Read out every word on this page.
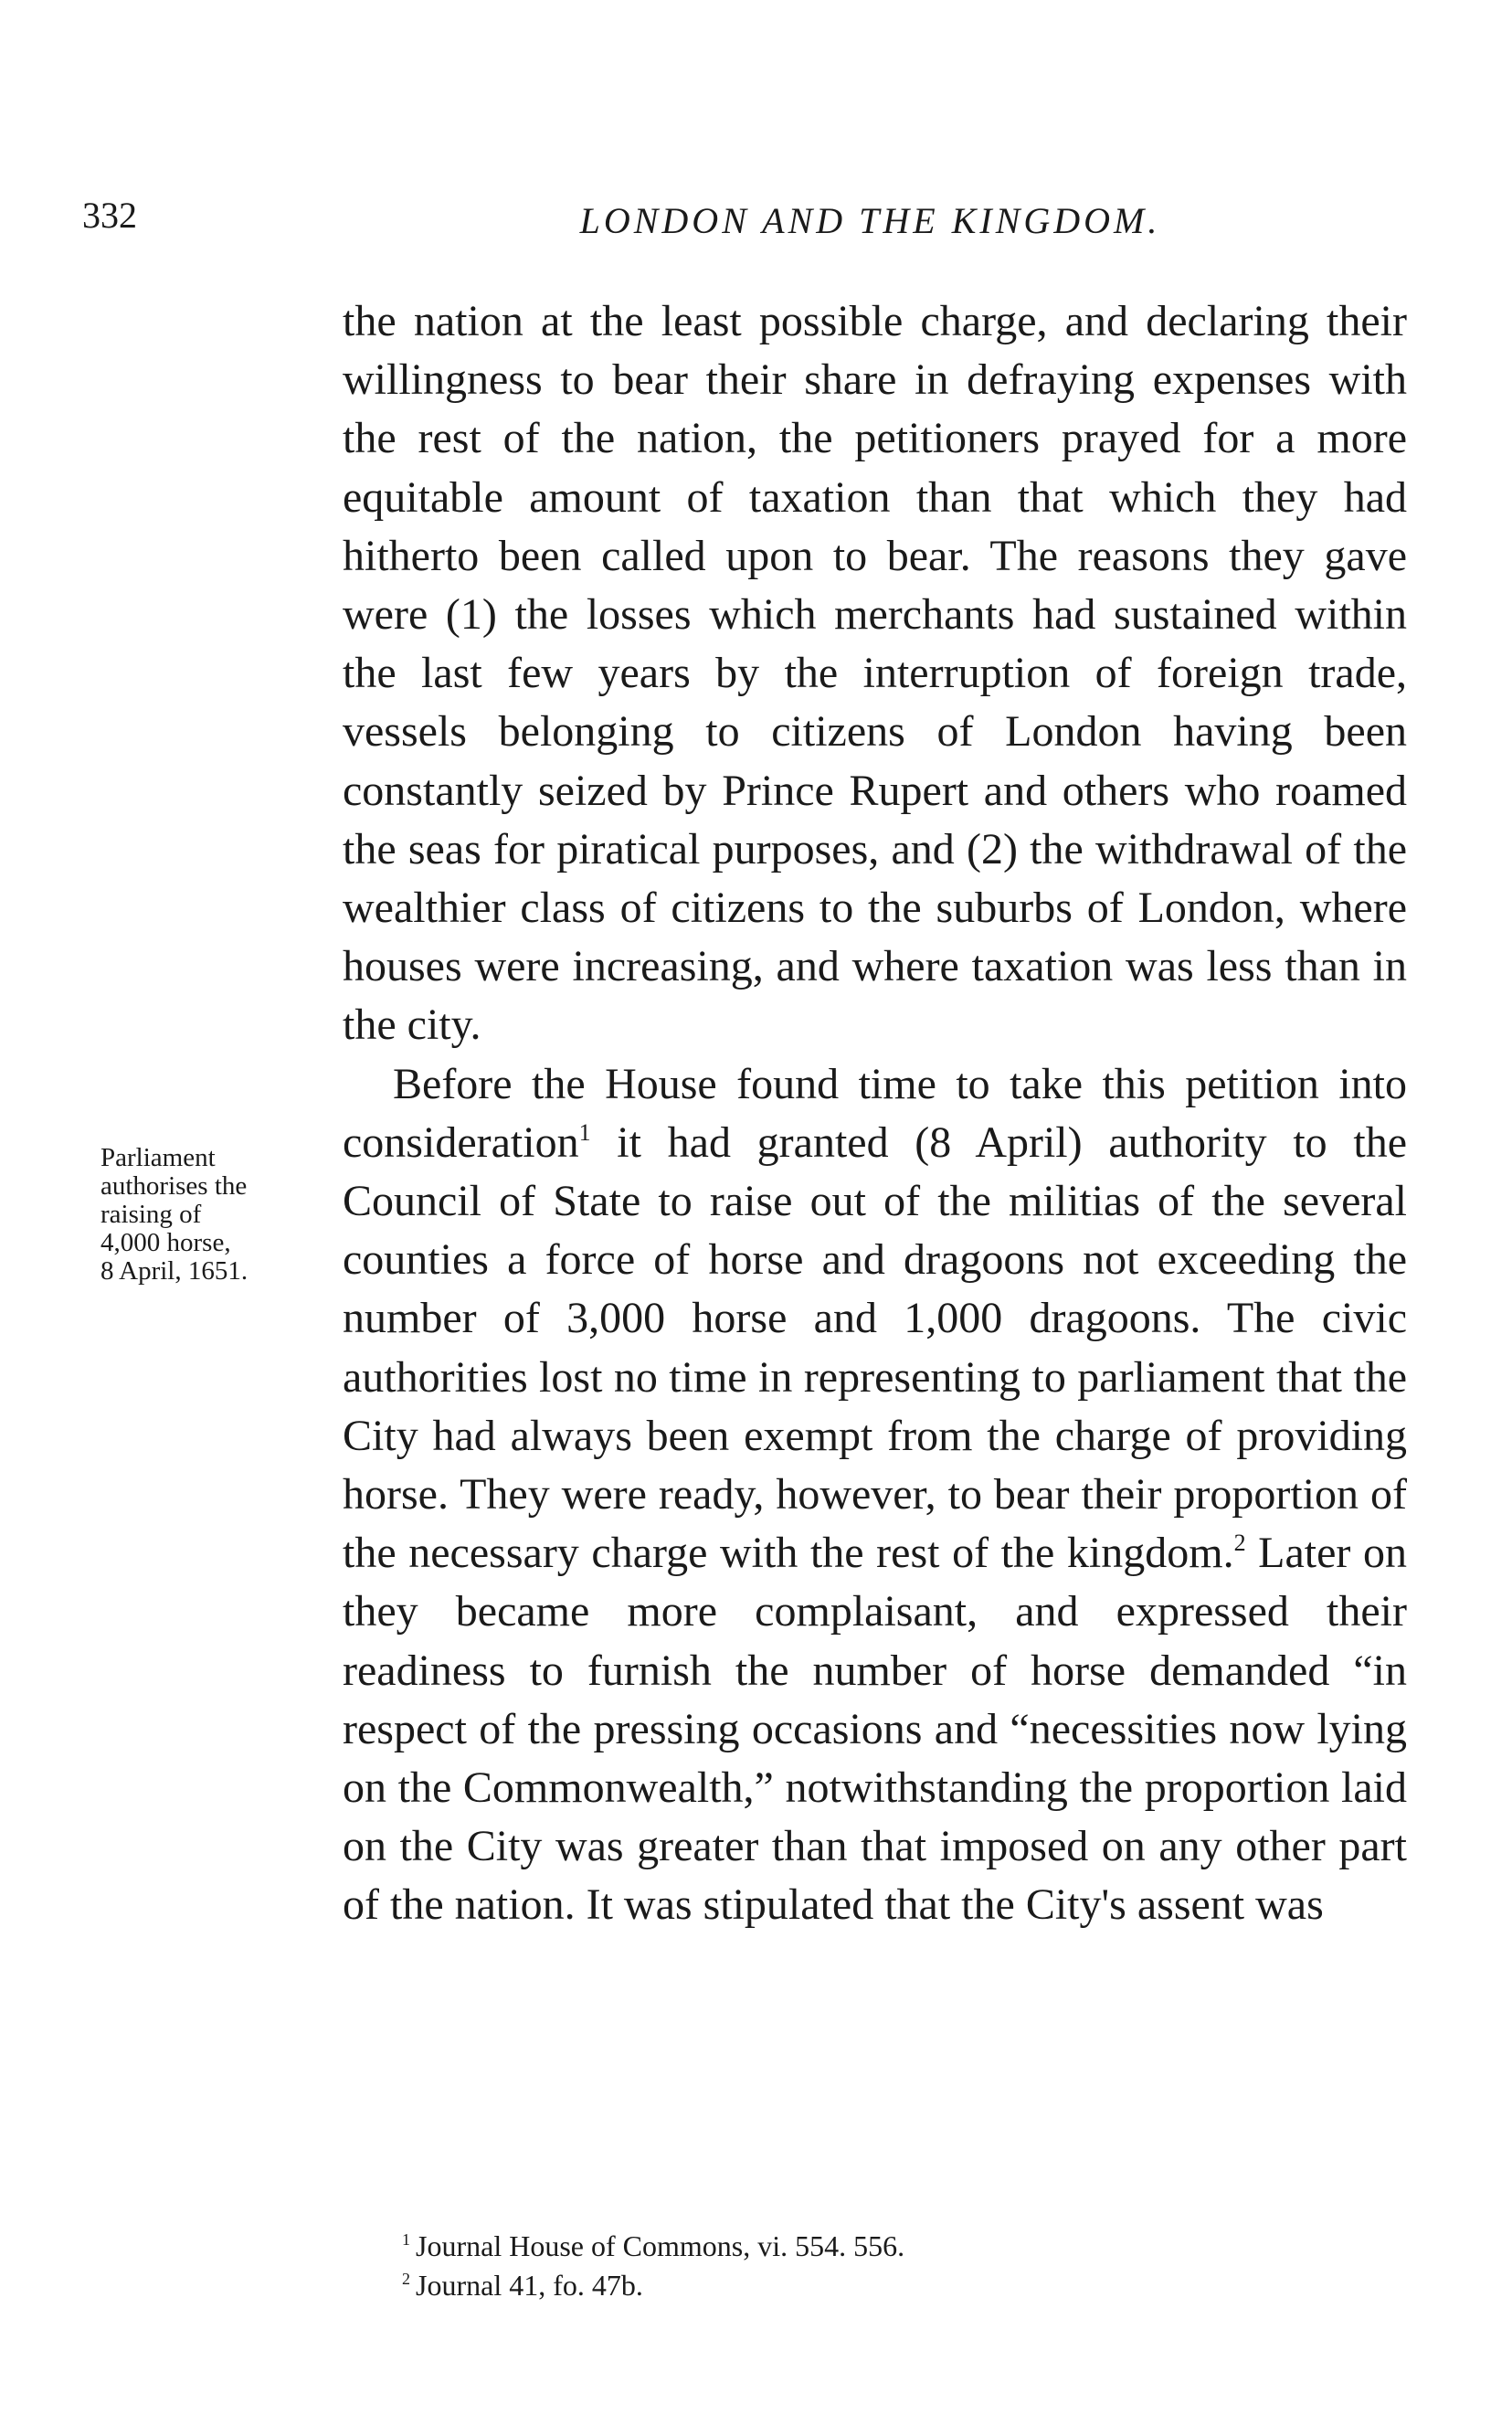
332	LONDON AND THE KINGDOM.

the nation at the least possible charge, and declaring their willingness to bear their share in defraying expenses with the rest of the nation, the petitioners prayed for a more equitable amount of taxation than that which they had hitherto been called upon to bear. The reasons they gave were (1) the losses which merchants had sustained within the last few years by the interruption of foreign trade, vessels belonging to citizens of London having been constantly seized by Prince Rupert and others who roamed the seas for piratical purposes, and (2) the withdrawal of the wealthier class of citizens to the suburbs of London, where houses were increasing, and where taxation was less than in the city.

Before the House found time to take this petition into consideration$^1$ it had granted (8 April) authority to the Council of State to raise out of the militias of the several counties a force of horse and dragoons not exceeding the number of 3,000 horse and 1,000 dragoons. The civic authorities lost no time in representing to parliament that the City had always been exempt from the charge of providing horse. They were ready, however, to bear their proportion of the necessary charge with the rest of the kingdom.$^2$ Later on they became more complaisant, and expressed their readiness to furnish the number of horse demanded “in respect of the pressing occasions and “necessities now lying on the Commonwealth,” notwithstanding the proportion laid on the City was greater than that imposed on any other part of the nation. It was stipulated that the City's assent was

Parliament
authorises the
raising of
4,000 horse,
8 April, 1651.
$^1$ Journal House of Commons, vi. 554. 556.
$^2$ Journal 41, fo. 47b.
